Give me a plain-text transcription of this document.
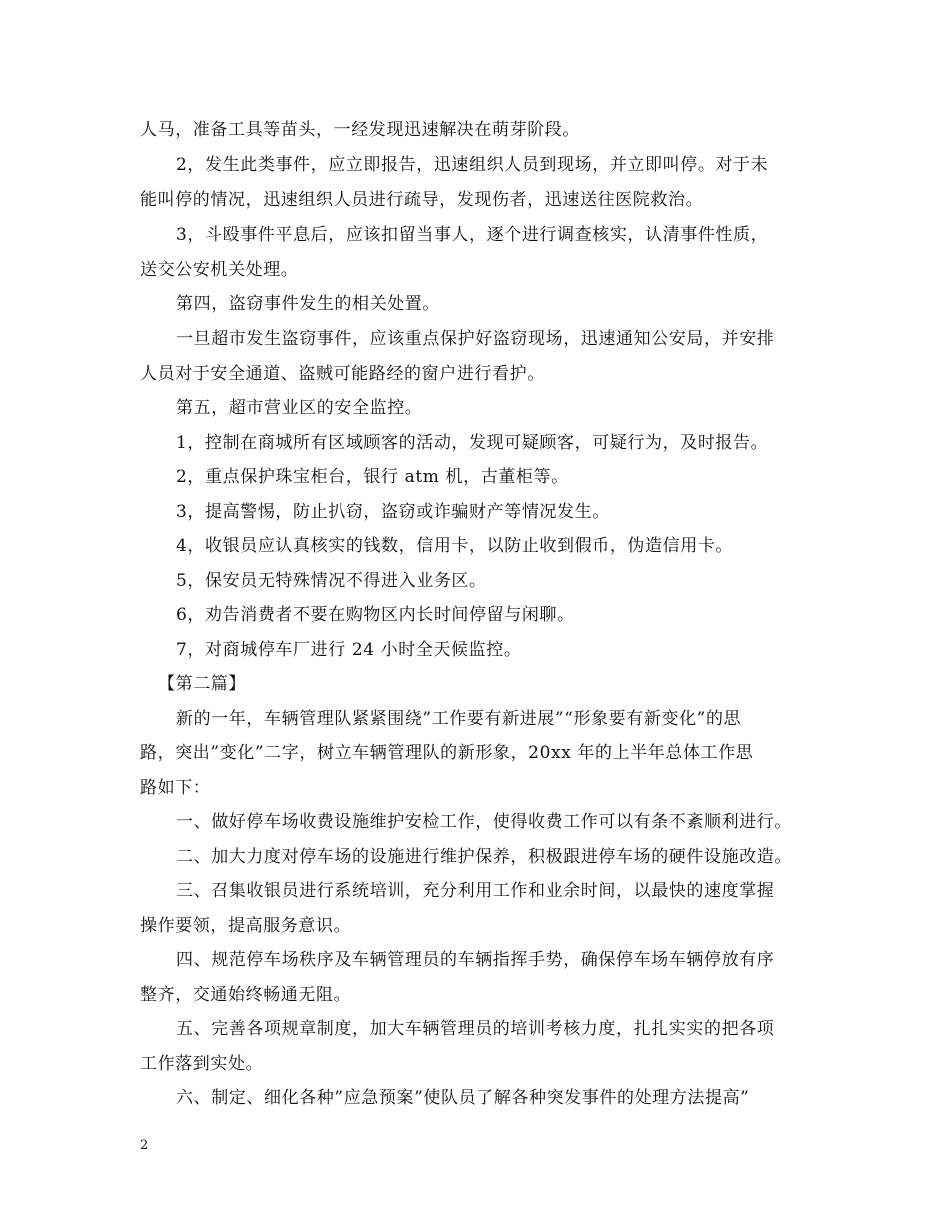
人马，准备工具等苗头，一经发现迅速解决在萌芽阶段。
2，发生此类事件，应立即报告，迅速组织人员到现场，并立即叫停。对于未
能叫停的情况，迅速组织人员进行疏导，发现伤者，迅速送往医院救治。
3，斗殴事件平息后，应该扣留当事人，逐个进行调查核实，认清事件性质，
送交公安机关处理。
第四，盗窃事件发生的相关处置。
一旦超市发生盗窃事件，应该重点保护好盗窃现场，迅速通知公安局，并安排
人员对于安全通道、盗贼可能路经的窗户进行看护。
第五，超市营业区的安全监控。
1，控制在商城所有区域顾客的活动，发现可疑顾客，可疑行为，及时报告。
2，重点保护珠宝柜台，银行 atm 机，古董柜等。
3，提高警惕，防止扒窃，盗窃或诈骗财产等情况发生。
4，收银员应认真核实的钱数，信用卡，以防止收到假币，伪造信用卡。
5，保安员无特殊情况不得进入业务区。
6，劝告消费者不要在购物区内长时间停留与闲聊。
7，对商城停车厂进行 24 小时全天候监控。
【第二篇】
新的一年，车辆管理队紧紧围绕”工作要有新进展”“形象要有新变化”的思
路，突出”变化”二字，树立车辆管理队的新形象，20xx 年的上半年总体工作思
路如下：
一、做好停车场收费设施维护安检工作，使得收费工作可以有条不紊顺利进行。
二、加大力度对停车场的设施进行维护保养，积极跟进停车场的硬件设施改造。
三、召集收银员进行系统培训，充分利用工作和业余时间，以最快的速度掌握
操作要领，提高服务意识。
四、规范停车场秩序及车辆管理员的车辆指挥手势，确保停车场车辆停放有序
整齐，交通始终畅通无阻。
五、完善各项规章制度，加大车辆管理员的培训考核力度，扎扎实实的把各项
工作落到实处。
六、制定、细化各种”应急预案”使队员了解各种突发事件的处理方法提高”
2
